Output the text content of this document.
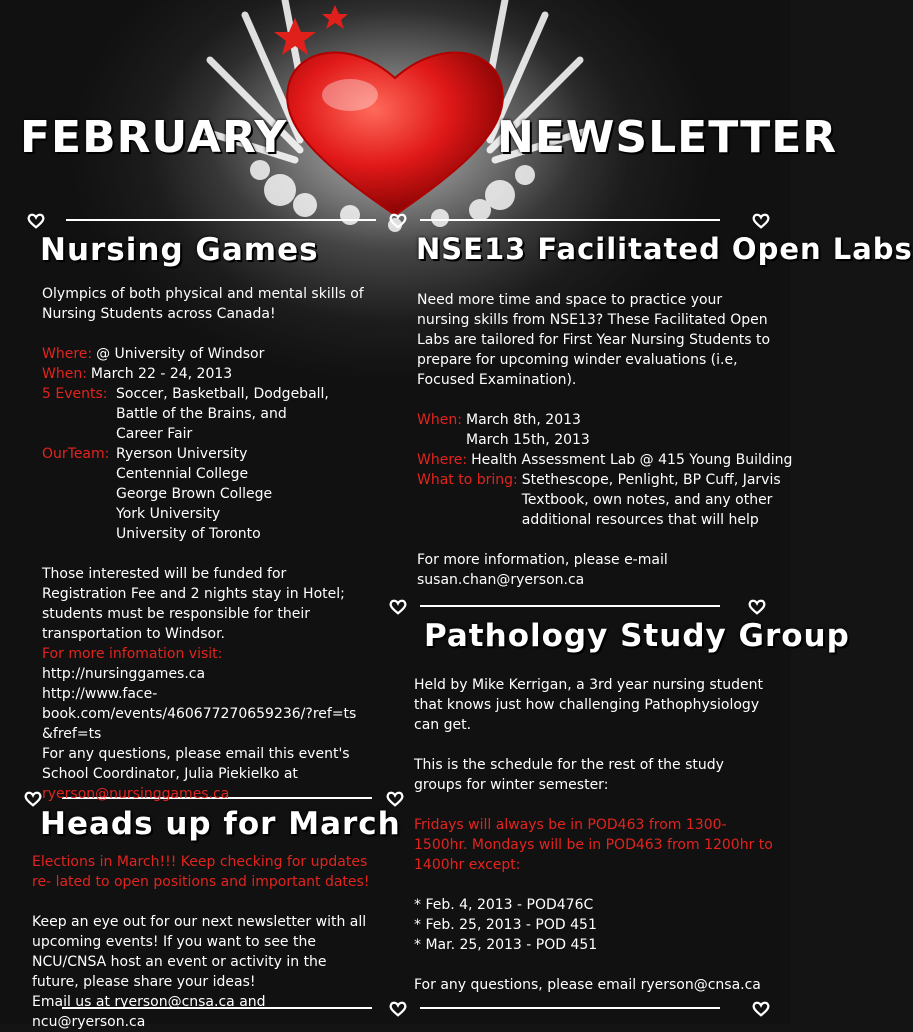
FEBRUARY	NEWSLETTER
Nursing Games
Olympics of both physical and mental skills of Nursing Students across Canada!
Where: @ University of Windsor
When: March 22 - 24, 2013
5 Events: Soccer, Basketball, Dodgeball,
Battle of the Brains, and
Career Fair
OurTeam: Ryerson University
Centennial College
George Brown College
York University
University of Toronto
Those interested will be funded for Registration Fee and 2 nights stay in Hotel; students must be responsible for their transportation to Windsor.
For more infomation visit:
http://nursinggames.ca
http://www.face-
book.com/events/460677270659236/?ref=ts
&fref=ts
For any questions, please email this event's School Coordinator, Julia Piekielko at
ryerson@nursinggames.ca
Heads up for March
Elections in March!!! Keep checking for updates re- lated to open positions and important dates!
Keep an eye out for our next newsletter with all upcoming events! If you want to see the NCU/CNSA host an event or activity in the future, please share your ideas!
Email us at ryerson@cnsa.ca and ncu@ryerson.ca
NSE13 Facilitated Open Labs
Need more time and space to practice your nursing skills from NSE13? These Facilitated Open Labs are tailored for First Year Nursing Students to prepare for upcoming winder evaluations (i.e, Focused Examination).
When: March 8th, 2013
March 15th, 2013
Where: Health Assessment Lab @ 415 Young Building
What to bring: Stethescope, Penlight, BP Cuff, Jarvis
Textbook, own notes, and any other
additional resources that will help
For more information, please e-mail
susan.chan@ryerson.ca
Pathology Study Group
Held by Mike Kerrigan, a 3rd year nursing student that knows just how challenging Pathophysiology can get.
This is the schedule for the rest of the study groups for winter semester:
Fridays will always be in POD463 from 1300-1500hr. Mondays will be in POD463 from 1200hr to 1400hr except:
* Feb. 4, 2013 - POD476C
* Feb. 25, 2013 - POD 451
* Mar. 25, 2013 - POD 451
For any questions, please email ryerson@cnsa.ca
